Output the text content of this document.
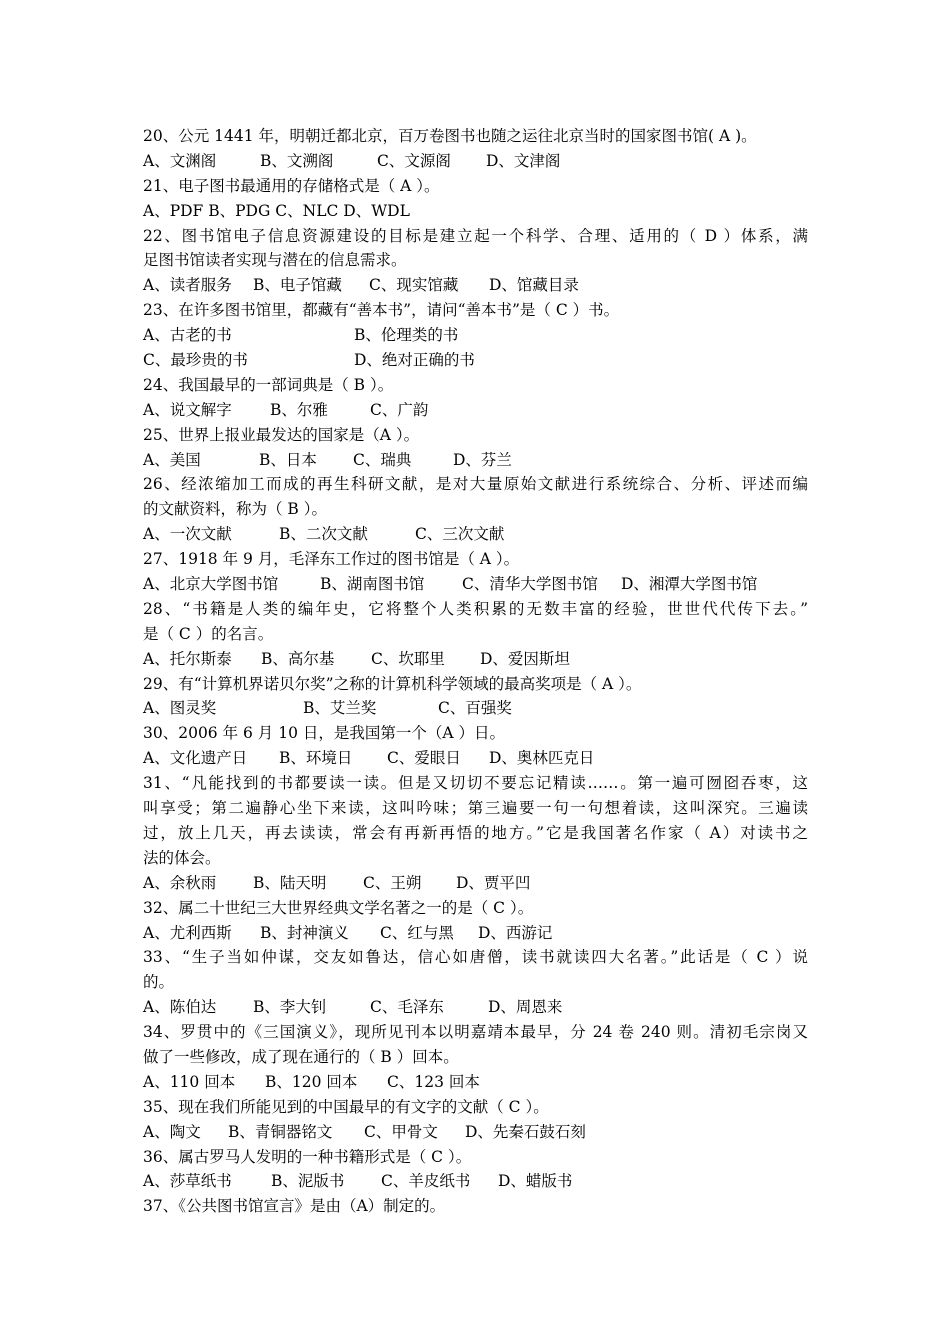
20、公元 1441 年，明朝迁都北京，百万卷图书也随之运往北京当时的国家图书馆( A )。
A、文渊阁	B、文溯阁	C、文源阁 D、文津阁
21、电子图书最通用的存储格式是（ A ）。
A、PDF B、PDG C、NLC D、WDL
22、图书馆电子信息资源建设的目标是建立起一个科学、合理、适用的（ D ）体系，满
足图书馆读者实现与潜在的信息需求。
A、读者服务 B、电子馆藏 C、现实馆藏 D、馆藏目录
23、在许多图书馆里，都藏有“善本书”，请问“善本书”是（ C ）书。
A、古老的书	B、伦理类的书
C、最珍贵的书	D、绝对正确的书
24、我国最早的一部词典是（ B ）。
A、说文解字 B、尔雅	C、广韵
25、世界上报业最发达的国家是（A ）。
A、美国	B、日本 C、瑞典	D、芬兰
26、经浓缩加工而成的再生科研文献，是对大量原始文献进行系统综合、分析、评述而编
的文献资料，称为（ B ）。
A、一次文献	B、二次文献	C、三次文献
27、1918 年 9 月，毛泽东工作过的图书馆是（ A ）。
A、北京大学图书馆	B、湖南图书馆 C、清华大学图书馆 D、湘潭大学图书馆
28、“书籍是人类的编年史，它将整个人类积累的无数丰富的经验，世世代代传下去。”
是（ C ）的名言。
A、托尔斯泰 B、高尔基 C、坎耶里 D、爱因斯坦
29、有“计算机界诺贝尔奖”之称的计算机科学领域的最高奖项是（ A ）。
A、图灵奖	B、艾兰奖	C、百强奖
30、2006 年 6 月 10 日，是我国第一个（A ）日。
A、文化遗产日 B、环境日 C、爱眼日 D、奥林匹克日
31、“凡能找到的书都要读一读。但是又切切不要忘记精读……。第一遍可囫囵吞枣，这
叫享受；第二遍静心坐下来读，这叫吟味；第三遍要一句一句想着读，这叫深究。三遍读
过，放上几天，再去读读，常会有再新再悟的地方。”它是我国著名作家（ A）对读书之
法的体会。
A、余秋雨 B、陆天明 C、王朔 D、贾平凹
32、属二十世纪三大世界经典文学名著之一的是（ C ）。
A、尤利西斯 B、封神演义 C、红与黑 D、西游记
33、“生子当如仲谋，交友如鲁达，信心如唐僧，读书就读四大名著。”此话是（ C ）说
的。
A、陈伯达 B、李大钊	C、毛泽东	D、周恩来
34、罗贯中的《三国演义》，现所见刊本以明嘉靖本最早，分 24 卷 240 则。清初毛宗岗又
做了一些修改，成了现在通行的（ B ）回本。
A、110 回本 B、120 回本 C、123 回本
35、现在我们所能见到的中国最早的有文字的文献（ C ）。
A、陶文 B、青铜器铭文 C、甲骨文 D、先秦石鼓石刻
36、属古罗马人发明的一种书籍形式是（ C ）。
A、莎草纸书	B、泥版书 C、羊皮纸书 D、蜡版书
37、《公共图书馆宣言》是由（A）制定的。
